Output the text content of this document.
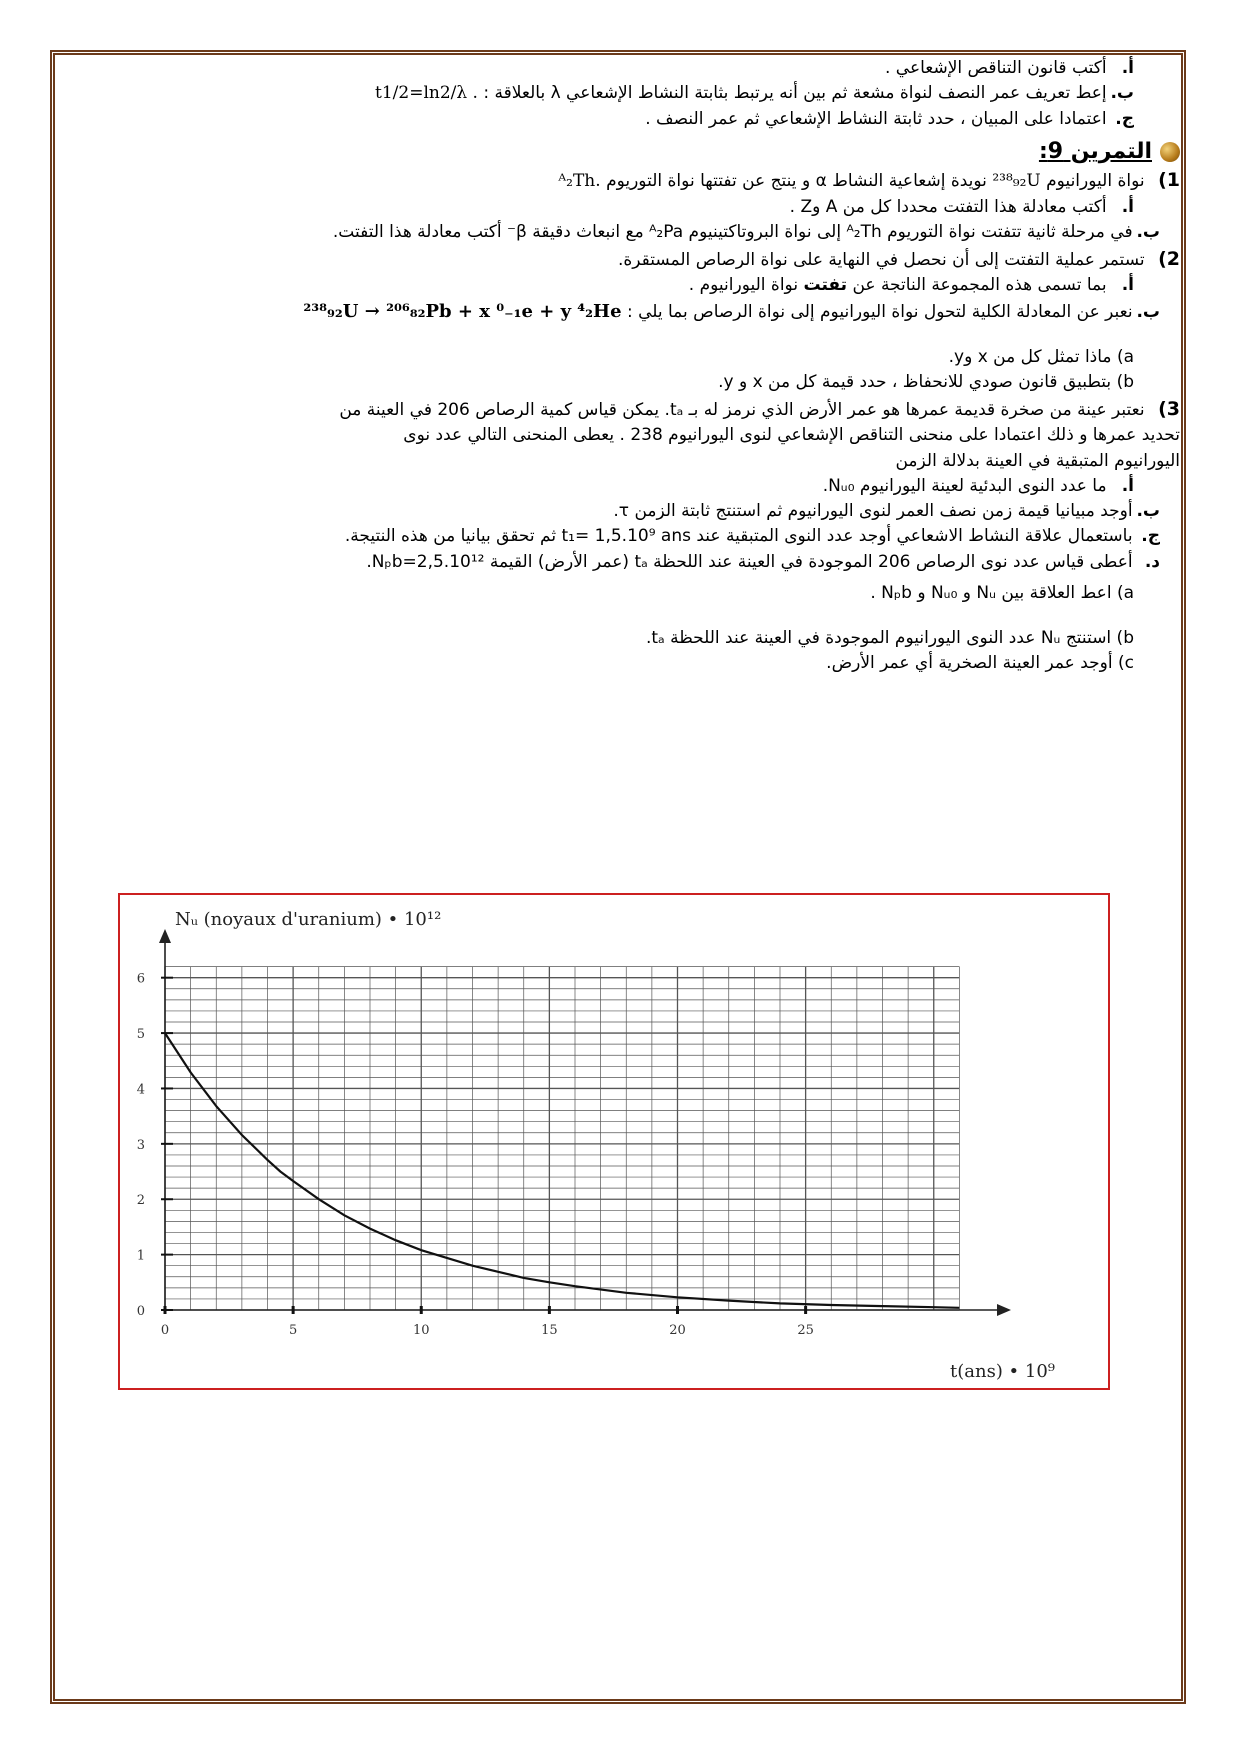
أ. أكتب قانون التناقص الإشعاعي .

ب. إعط تعريف عمر النصف لنواة مشعة ثم بين أنه يرتبط بثابتة النشاط الإشعاعي λ بالعلاقة : t1/2=ln2/λ .

ج. اعتمادا على المبيان ، حدد ثابتة النشاط الإشعاعي ثم عمر النصف .

التمرين 9:

1) نواة اليورانيوم ²³⁸₉₂U نويدة إشعاعية النشاط α و ينتج عن تفتتها نواة التوريوم ᴬ₂Th.

أ. أكتب معادلة هذا التفتت محددا كل من A وZ .

ب. في مرحلة ثانية تتفتت نواة التوريوم ᴬ₂Th إلى نواة البروتاكتينيوم ᴬ₂Pa مع انبعاث دقيقة β⁻ أكتب معادلة هذا التفتت.

2) تستمر عملية التفتت إلى أن نحصل في النهاية على نواة الرصاص المستقرة.

أ. بما تسمى هذه المجموعة الناتجة عن تفتت نواة اليورانيوم .

ب. نعبر عن المعادلة الكلية لتحول نواة اليورانيوم إلى نواة الرصاص بما يلي : ²³⁸₉₂U → ²⁰⁶₈₂Pb + x ⁰₋₁e + y ⁴₂He

a) ماذا تمثل كل من x وy.

b) بتطبيق قانون صودي للانحفاظ ، حدد قيمة كل من x و y.

3) نعتبر عينة من صخرة قديمة عمرها هو عمر الأرض الذي نرمز له بـ tₐ. يمكن قياس كمية الرصاص 206 في العينة من

تحديد عمرها و ذلك اعتمادا على منحنى التناقص الإشعاعي لنوى اليورانيوم 238 . يعطى المنحنى التالي عدد نوى

اليورانيوم المتبقية في العينة بدلالة الزمن

أ. ما عدد النوى البدئية لعينة اليورانيوم Nᵤ₀.

ب. أوجد مبيانيا قيمة زمن نصف العمر لنوى اليورانيوم ثم استنتج ثابتة الزمن τ.

ج. باستعمال علاقة النشاط الاشعاعي أوجد عدد النوى المتبقية عند t₁= 1,5.10⁹ ans ثم تحقق بيانيا من هذه النتيجة.

د. أعطى قياس عدد نوى الرصاص 206 الموجودة في العينة عند اللحظة tₐ (عمر الأرض) القيمة Nₚb=2,5.10¹².

a) اعط العلاقة بين Nᵤ و Nᵤ₀ و Nₚb .

b) استنتج Nᵤ عدد النوى اليورانيوم الموجودة في العينة عند اللحظة tₐ.

c) أوجد عمر العينة الصخرية أي عمر الأرض.

0	5	10	15	20	25
0
1
2
3
4
5
6
Nᵤ (noyaux d'uranium) • 10¹²
t(ans) • 10⁹
